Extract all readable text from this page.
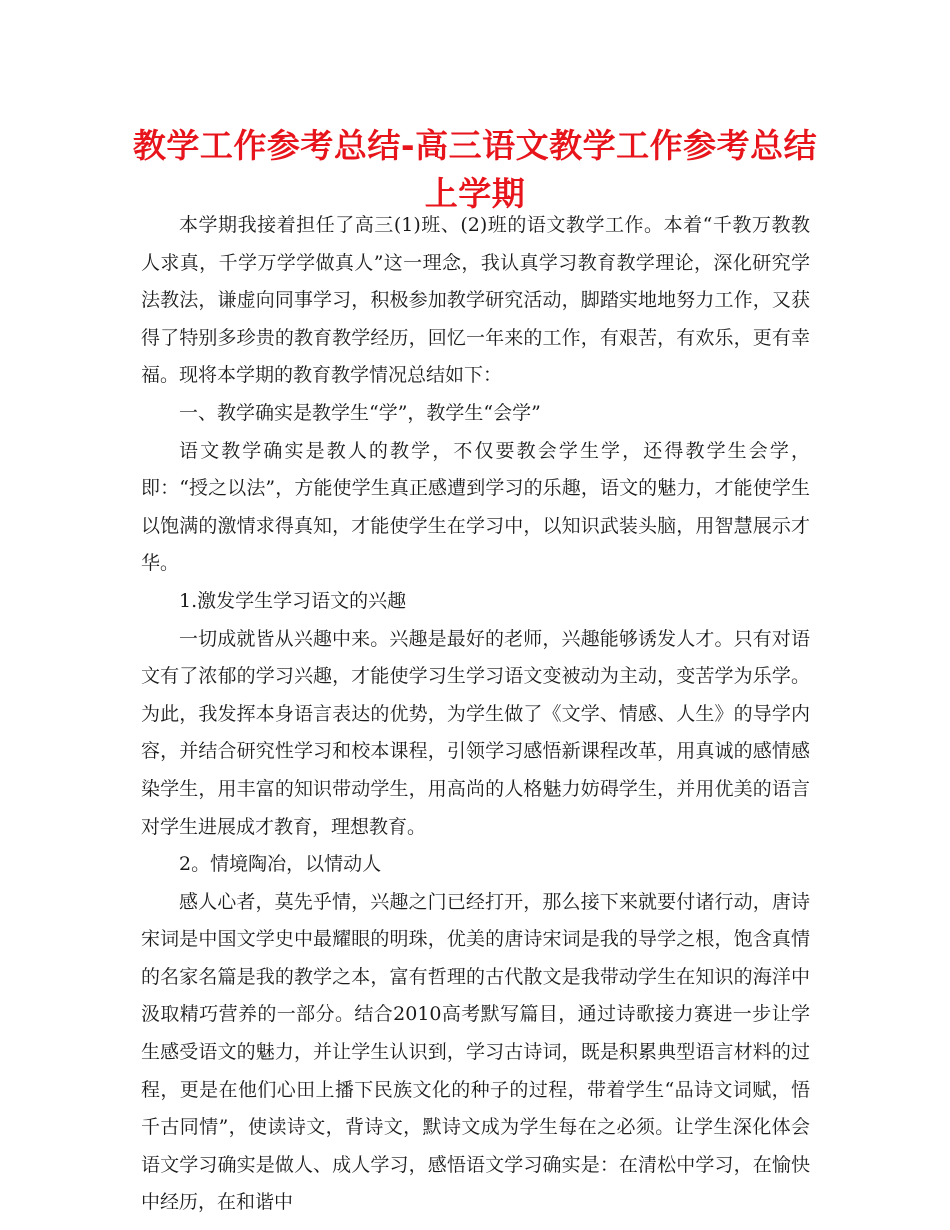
教学工作参考总结-高三语文教学工作参考总结上学期

本学期我接着担任了高三(1)班、(2)班的语文教学工作。本着“千教万教教人求真，千学万学学做真人”这一理念，我认真学习教育教学理论，深化研究学法教法，谦虚向同事学习，积极参加教学研究活动，脚踏实地地努力工作，又获得了特别多珍贵的教育教学经历，回忆一年来的工作，有艰苦，有欢乐，更有幸福。现将本学期的教育教学情况总结如下：

一、教学确实是教学生“学”，教学生“会学”

语文教学确实是教人的教学，不仅要教会学生学，还得教学生会学，即：“授之以法”，方能使学生真正感遭到学习的乐趣，语文的魅力，才能使学生以饱满的激情求得真知，才能使学生在学习中，以知识武装头脑，用智慧展示才华。

1.激发学生学习语文的兴趣

一切成就皆从兴趣中来。兴趣是最好的老师，兴趣能够诱发人才。只有对语文有了浓郁的学习兴趣，才能使学习生学习语文变被动为主动，变苦学为乐学。为此，我发挥本身语言表达的优势，为学生做了《文学、情感、人生》的导学内容，并结合研究性学习和校本课程，引领学习感悟新课程改革，用真诚的感情感染学生，用丰富的知识带动学生，用高尚的人格魅力妨碍学生，并用优美的语言对学生进展成才教育，理想教育。

2。情境陶冶，以情动人

感人心者，莫先乎情，兴趣之门已经打开，那么接下来就要付诸行动，唐诗宋词是中国文学史中最耀眼的明珠，优美的唐诗宋词是我的导学之根，饱含真情的名家名篇是我的教学之本，富有哲理的古代散文是我带动学生在知识的海洋中汲取精巧营养的一部分。结合2010高考默写篇目，通过诗歌接力赛进一步让学生感受语文的魅力，并让学生认识到，学习古诗词，既是积累典型语言材料的过程，更是在他们心田上播下民族文化的种子的过程，带着学生“品诗文词赋，悟千古同情”，使读诗文，背诗文，默诗文成为学生每在之必须。让学生深化体会语文学习确实是做人、成人学习，感悟语文学习确实是：在清松中学习，在愉快中经历，在和谐中
